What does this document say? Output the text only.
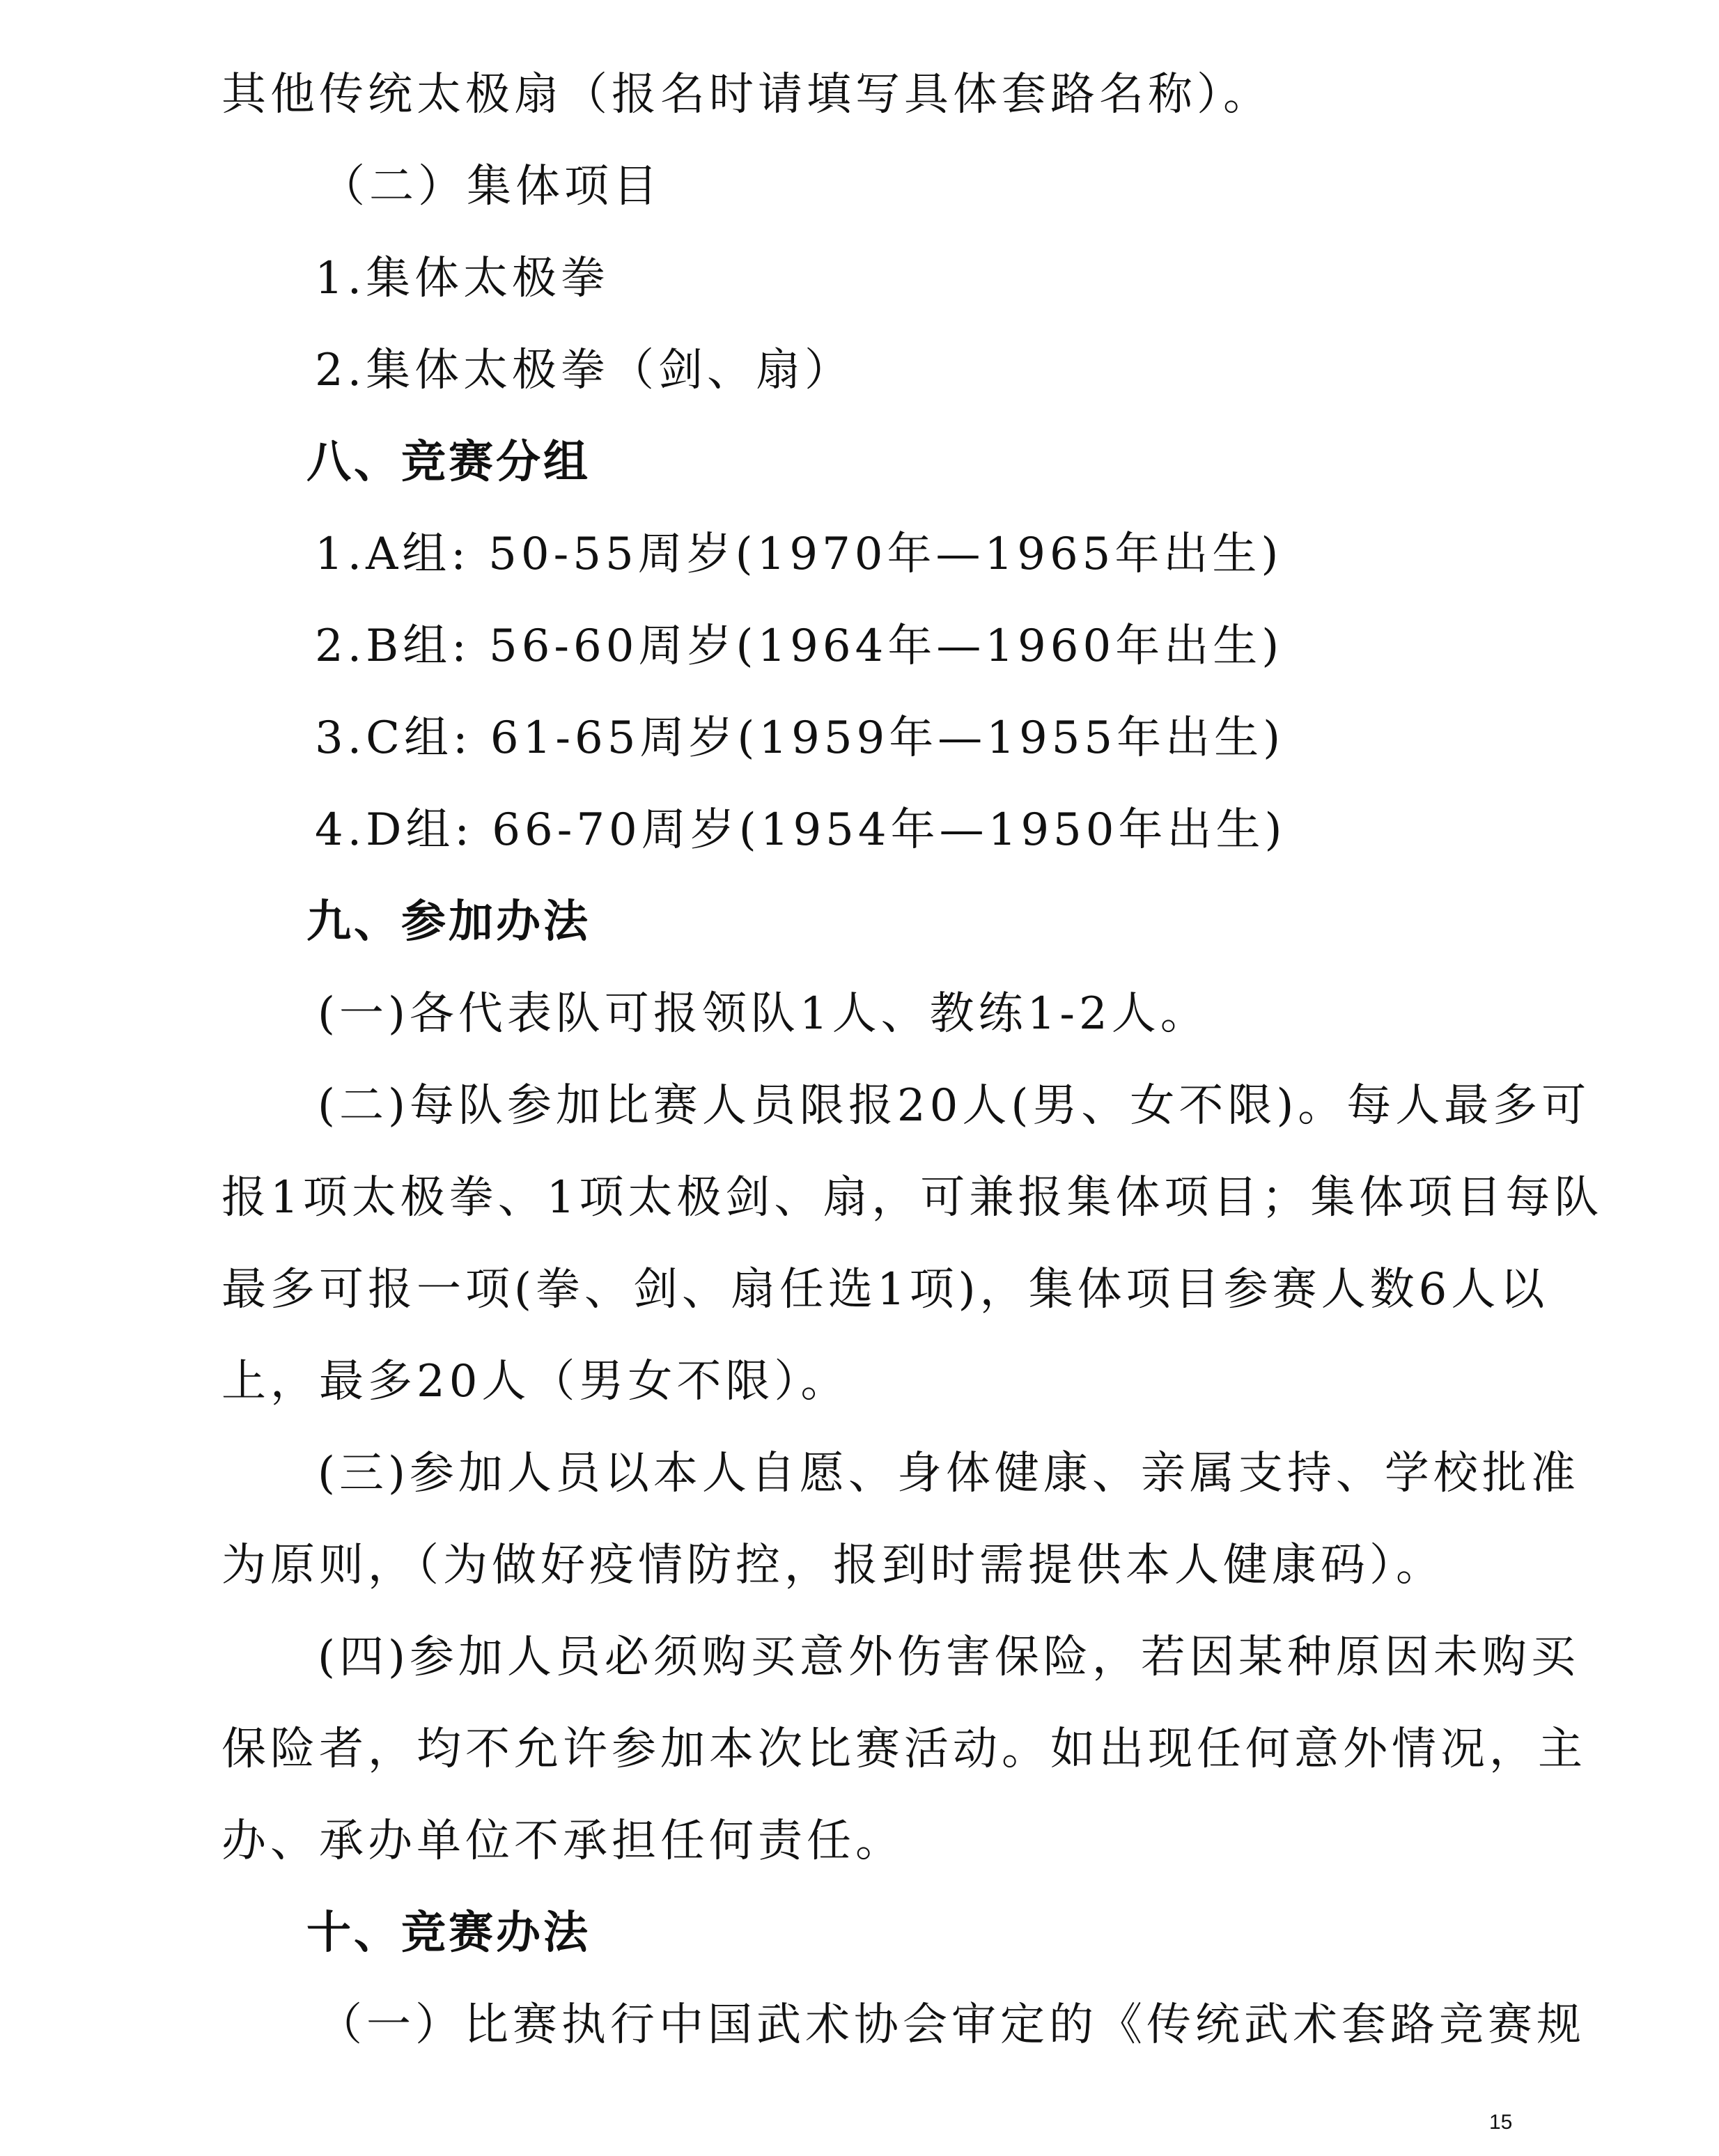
其他传统太极扇（报名时请填写具体套路名称）。
（二）集体项目
1.集体太极拳
2.集体太极拳（剑、扇）
八、竞赛分组
1.A组: 50-55周岁(1970年—1965年出生)
2.B组: 56-60周岁(1964年—1960年出生)
3.C组: 61-65周岁(1959年—1955年出生)
4.D组: 66-70周岁(1954年—1950年出生)
九、参加办法
(一)各代表队可报领队1人、教练1-2人。
(二)每队参加比赛人员限报20人(男、女不限)。每人最多可
报1项太极拳、1项太极剑、扇，可兼报集体项目；集体项目每队
最多可报一项(拳、剑、扇任选1项)，集体项目参赛人数6人以
上，最多20人（男女不限）。
(三)参加人员以本人自愿、身体健康、亲属支持、学校批准
为原则，（为做好疫情防控，报到时需提供本人健康码）。
(四)参加人员必须购买意外伤害保险，若因某种原因未购买
保险者，均不允许参加本次比赛活动。如出现任何意外情况，主
办、承办单位不承担任何责任。
十、竞赛办法
（一）比赛执行中国武术协会审定的《传统武术套路竞赛规
15
